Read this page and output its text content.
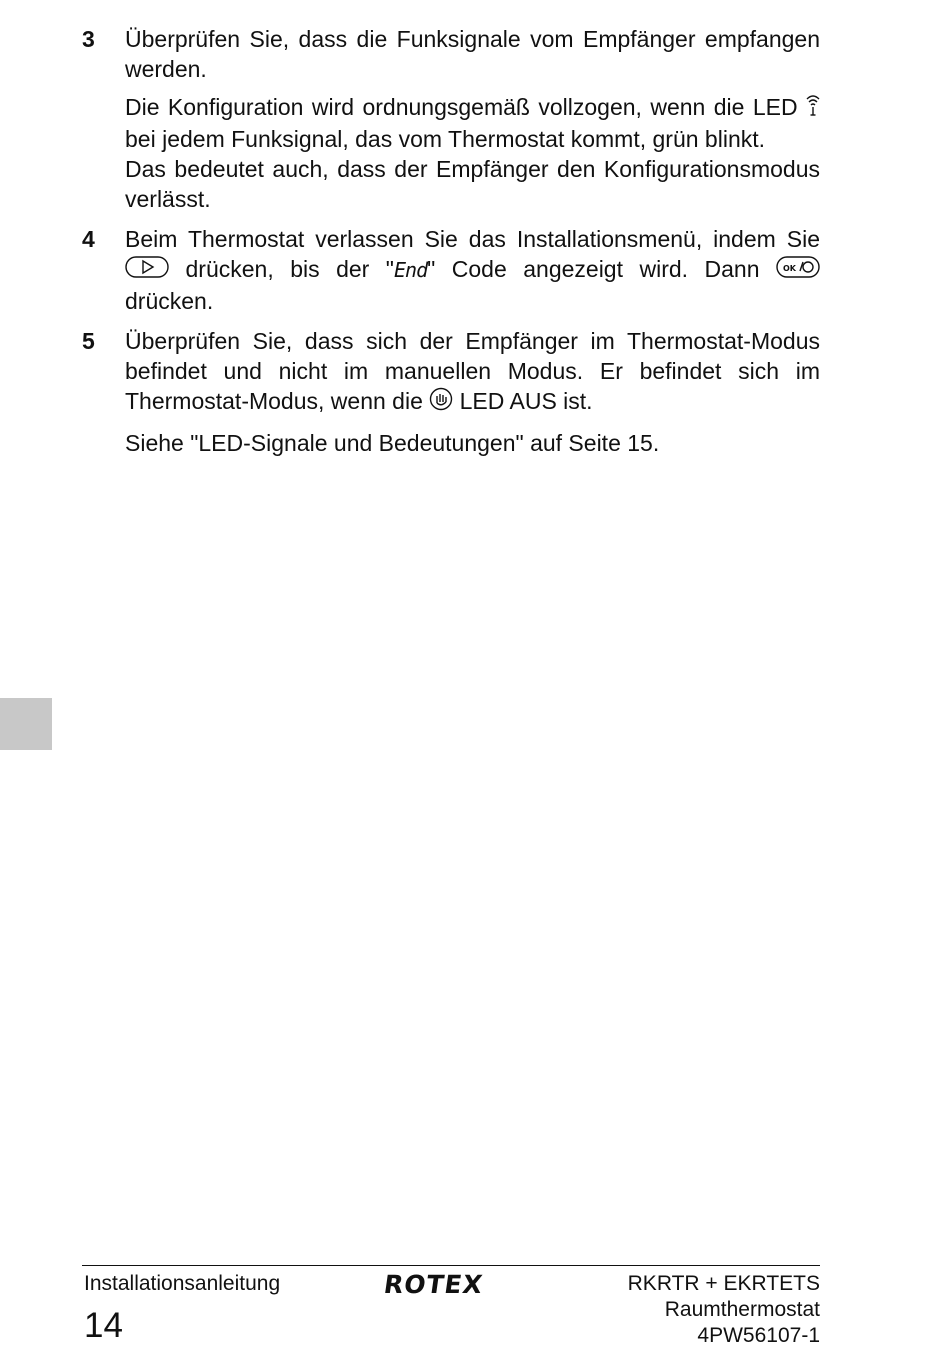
3 Überprüfen Sie, dass die Funksignale vom Empfänger empfangen werden.

Die Konfiguration wird ordnungsgemäß vollzogen, wenn die LED  bei jedem Funksignal, das vom Thermostat kommt, grün blinkt.

Das bedeutet auch, dass der Empfänger den Konfigurationsmodus verlässt.

4 Beim Thermostat verlassen Sie das Installationsmenü, indem Sie  drücken, bis der "End" Code angezeigt wird. Dann OK
drücken.

5 Überprüfen Sie, dass sich der Empfänger im Thermostat-Modus befindet und nicht im manuellen Modus. Er befindet sich im Thermostat-Modus, wenn die  LED AUS ist.

Siehe "LED-Signale und Bedeutungen" auf Seite 15.

Installationsanleitung
14
ROTEX	RKRTR + EKRTETS
Raumthermostat
4PW56107-1
